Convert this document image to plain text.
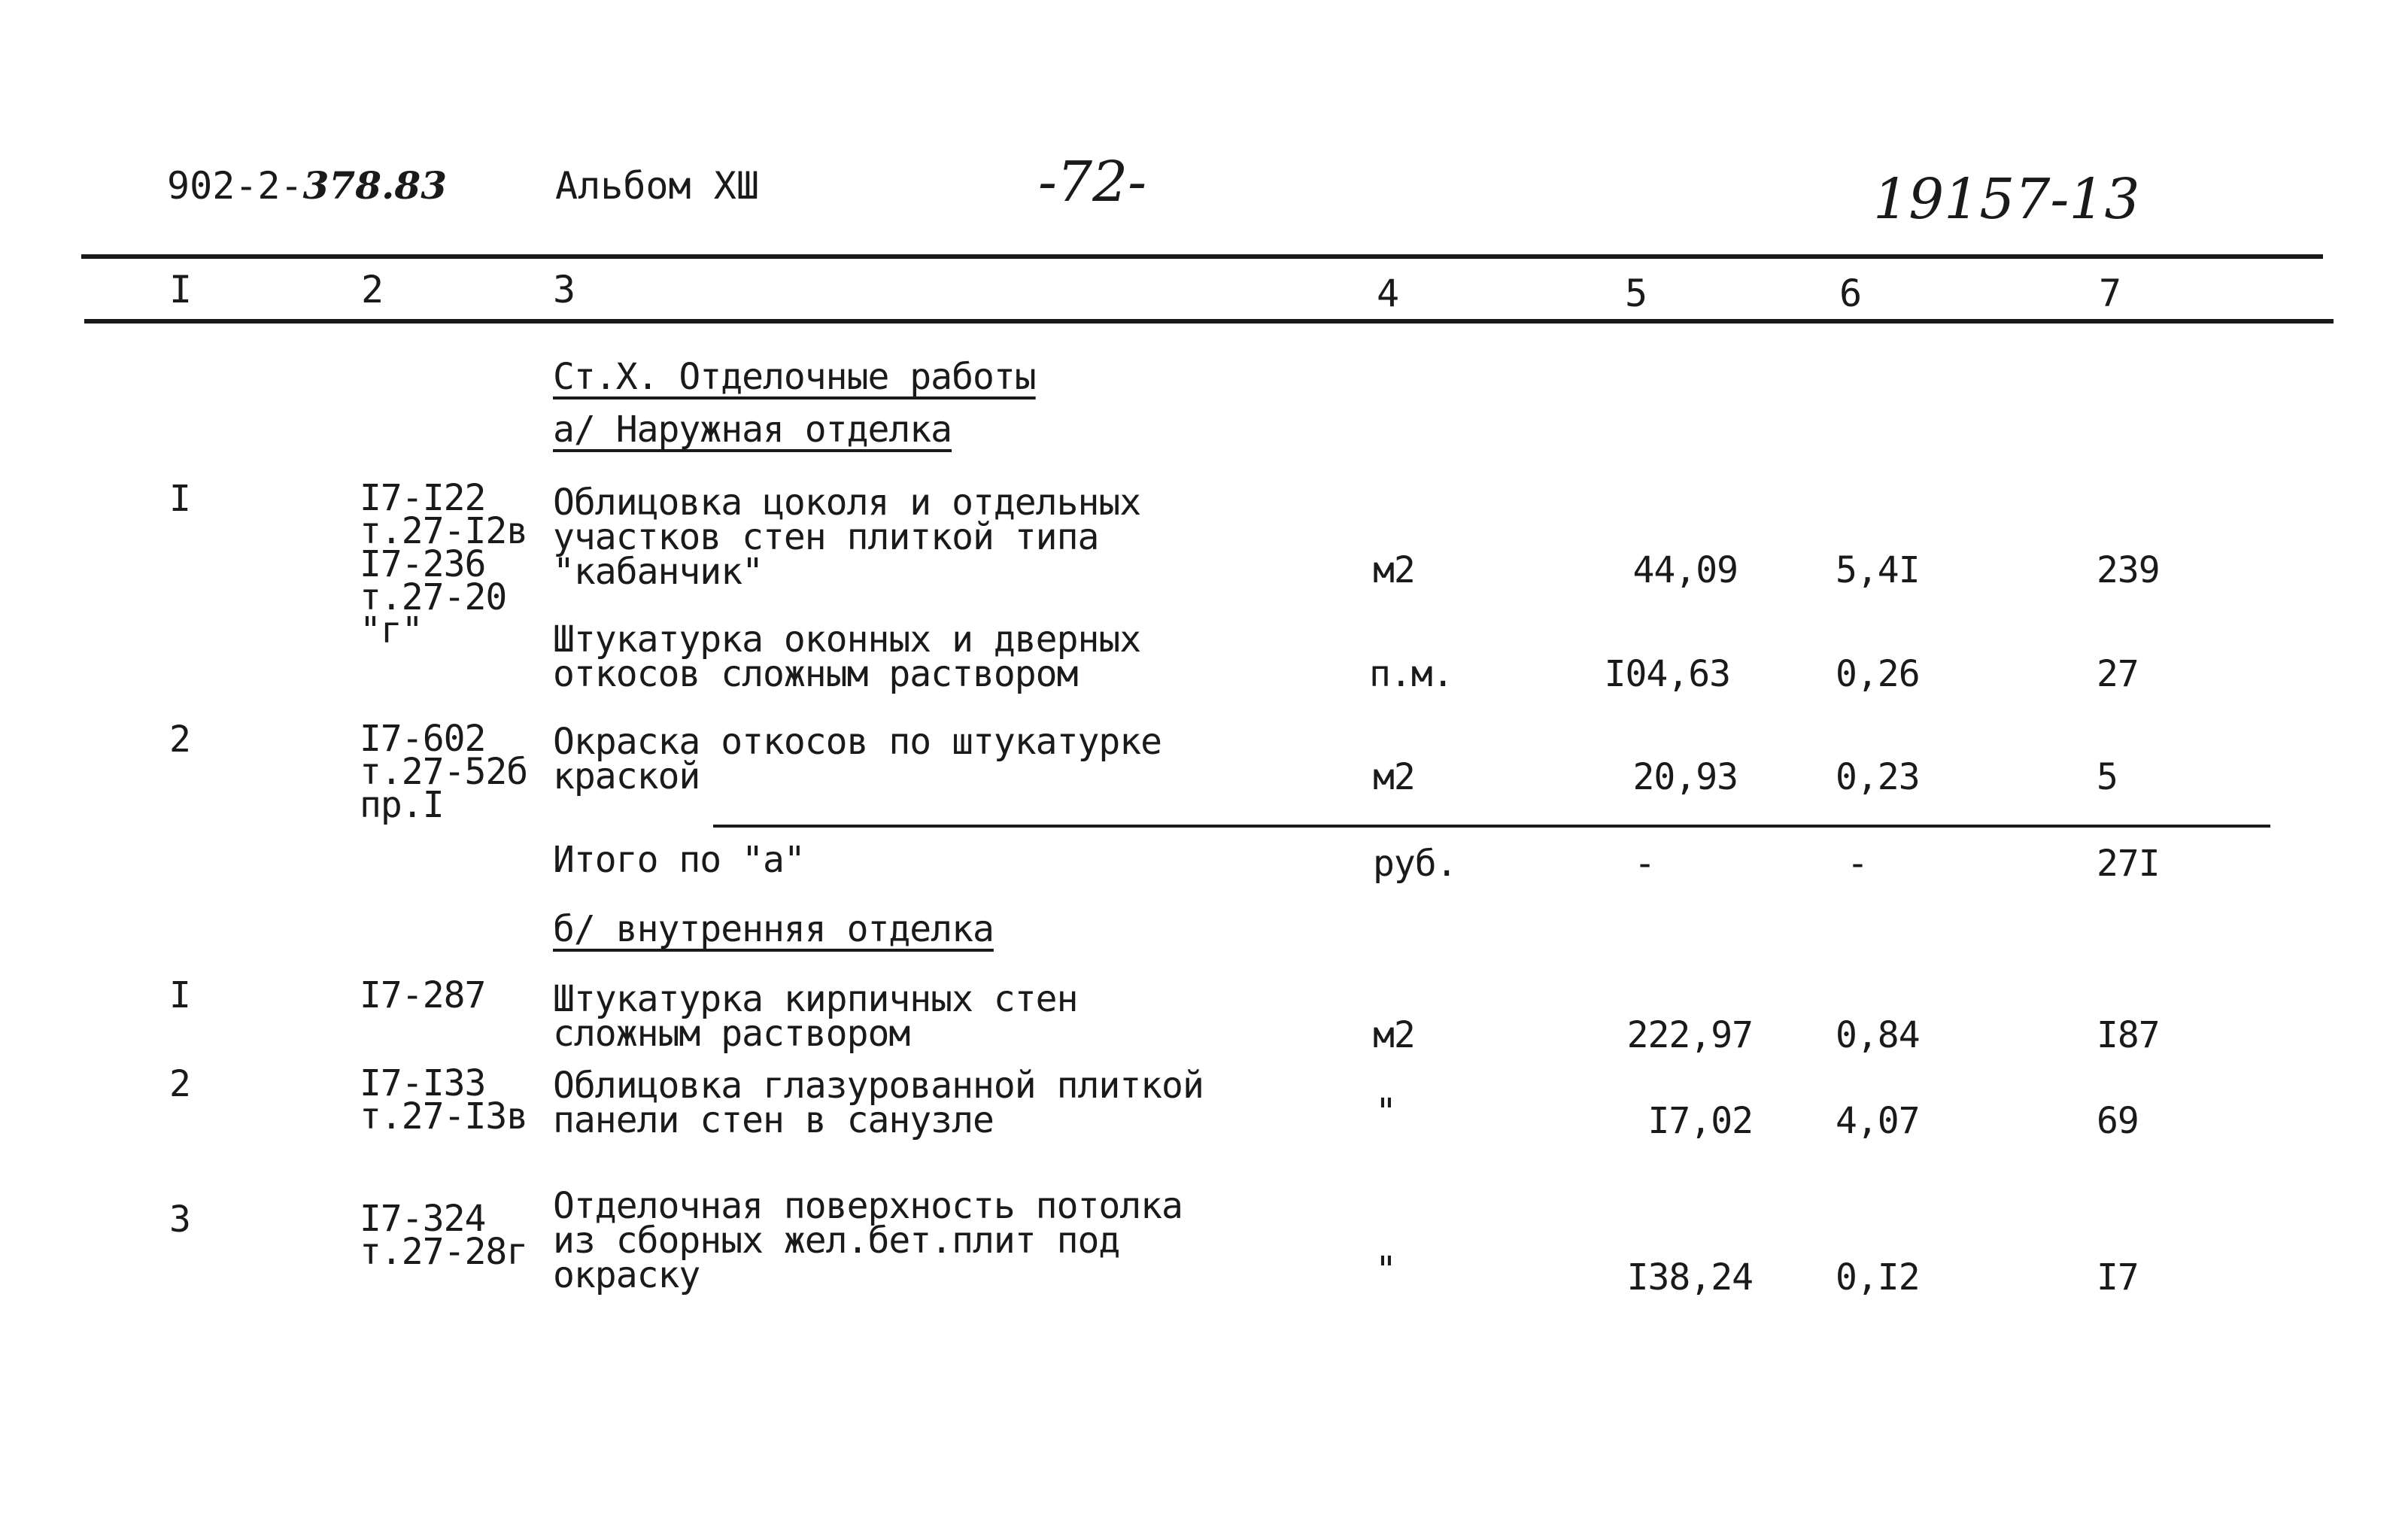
902-2-378.83	Альбом ХШ	-72-	19157-13
I	2	3	4	5	6	7
Ст.Х. Отделочные работы
а/ Наружная отделка
I	I7-I22
т.27-I2в
I7-236
т.27-20
"г"
Облицовка цоколя и отдельных
участков стен плиткой типа
"кабанчик"	м2	44,09	5,4I	239
Штукатурка оконных и дверных
откосов сложным раствором	п.м.	I04,63	0,26	27
2	I7-602
т.27-52б
пр.I
Окраска откосов по штукатурке
краской	м2	20,93	0,23	5
Итого по "а"	руб.	-	-	27I
б/ внутренняя отделка
I	I7-287 Штукатурка кирпичных стен
сложным раствором	м2	222,97 0,84	I87
2	I7-I33
т.27-I3в
Облицовка глазурованной плиткой
панели стен в санузле	"	I7,02 4,07	69
3	I7-324
т.27-28г
Отделочная поверхность потолка
из сборных жел.бет.плит под
окраску	"	I38,24 0,I2	I7
